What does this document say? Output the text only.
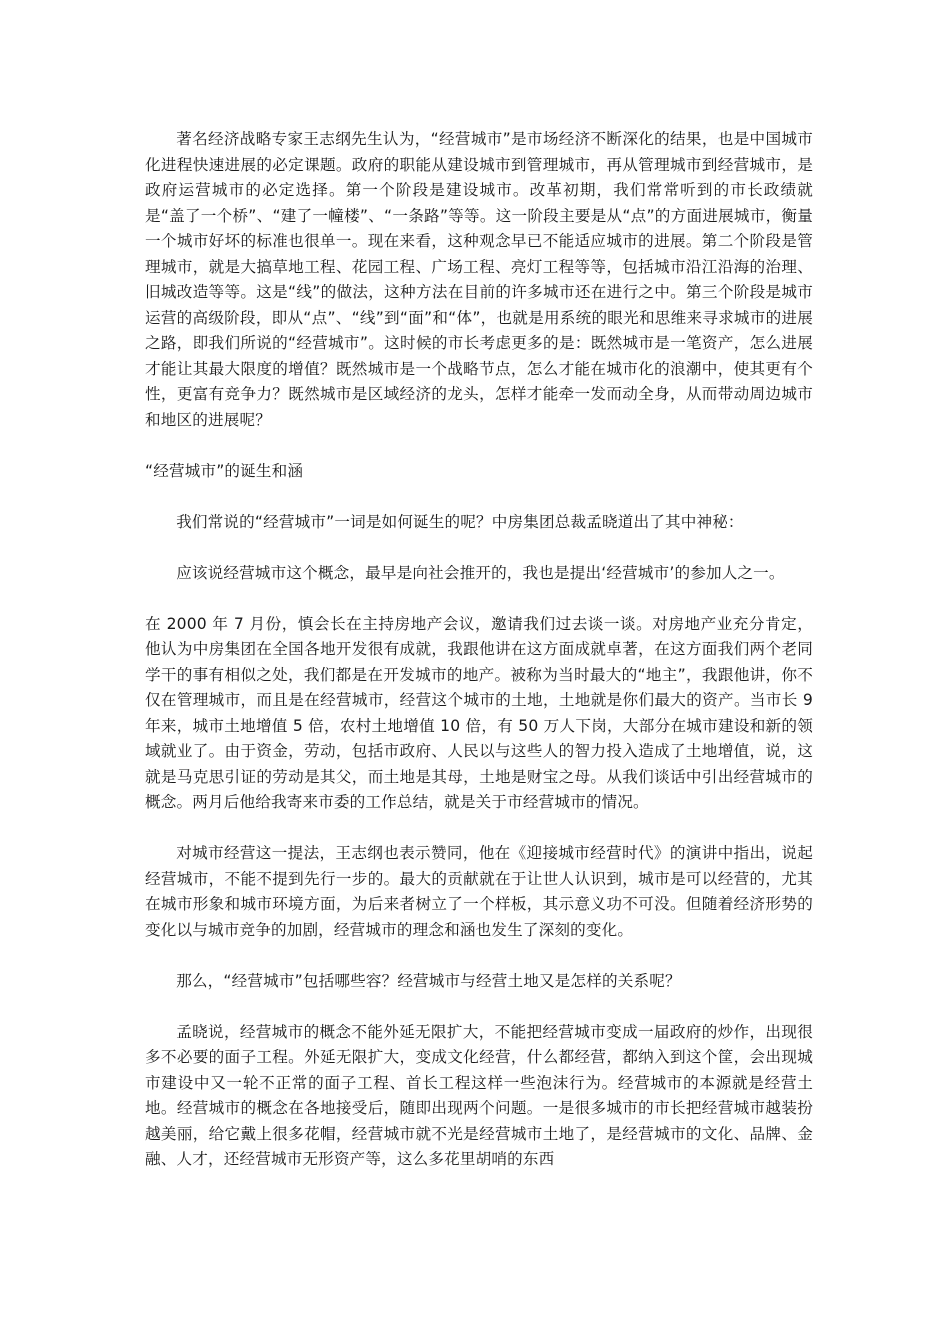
著名经济战略专家王志纲先生认为，“经营城市”是市场经济不断深化的结果，也是中国城市化进程快速进展的必定课题。政府的职能从建设城市到管理城市，再从管理城市到经营城市，是政府运营城市的必定选择。第一个阶段是建设城市。改革初期，我们常常听到的市长政绩就是“盖了一个桥”、“建了一幢楼”、“一条路”等等。这一阶段主要是从“点”的方面进展城市，衡量一个城市好坏的标准也很单一。现在来看，这种观念早已不能适应城市的进展。第二个阶段是管理城市，就是大搞草地工程、花园工程、广场工程、亮灯工程等等，包括城市沿江沿海的治理、旧城改造等等。这是“线”的做法，这种方法在目前的许多城市还在进行之中。第三个阶段是城市运营的高级阶段，即从“点”、“线”到“面”和“体”，也就是用系统的眼光和思维来寻求城市的进展之路，即我们所说的“经营城市”。这时候的市长考虑更多的是：既然城市是一笔资产，怎么进展才能让其最大限度的增值？既然城市是一个战略节点，怎么才能在城市化的浪潮中，使其更有个性，更富有竞争力？既然城市是区域经济的龙头，怎样才能牵一发而动全身，从而带动周边城市和地区的进展呢？

“经营城市”的诞生和涵

我们常说的“经营城市”一词是如何诞生的呢？中房集团总裁孟晓道出了其中神秘：

应该说经营城市这个概念，最早是向社会推开的，我也是提出‘经营城市’的参加人之一。

在 2000 年 7 月份，慎会长在主持房地产会议，邀请我们过去谈一谈。对房地产业充分肯定，他认为中房集团在全国各地开发很有成就，我跟他讲在这方面成就卓著，在这方面我们两个老同学干的事有相似之处，我们都是在开发城市的地产。被称为当时最大的“地主”，我跟他讲，你不仅在管理城市，而且是在经营城市，经营这个城市的土地，土地就是你们最大的资产。当市长 9 年来，城市土地增值 5 倍，农村土地增值 10 倍，有 50 万人下岗，大部分在城市建设和新的领域就业了。由于资金，劳动，包括市政府、人民以与这些人的智力投入造成了土地增值，说，这就是马克思引证的劳动是其父，而土地是其母，土地是财宝之母。从我们谈话中引出经营城市的概念。两月后他给我寄来市委的工作总结，就是关于市经营城市的情况。

对城市经营这一提法，王志纲也表示赞同，他在《迎接城市经营时代》的演讲中指出，说起经营城市，不能不提到先行一步的。最大的贡献就在于让世人认识到，城市是可以经营的，尤其在城市形象和城市环境方面，为后来者树立了一个样板，其示意义功不可没。但随着经济形势的变化以与城市竞争的加剧，经营城市的理念和涵也发生了深刻的变化。

那么，“经营城市”包括哪些容？经营城市与经营土地又是怎样的关系呢？

孟晓说，经营城市的概念不能外延无限扩大，不能把经营城市变成一届政府的炒作，出现很多不必要的面子工程。外延无限扩大，变成文化经营，什么都经营，都纳入到这个筐，会出现城市建设中又一轮不正常的面子工程、首长工程这样一些泡沫行为。经营城市的本源就是经营土地。经营城市的概念在各地接受后，随即出现两个问题。一是很多城市的市长把经营城市越装扮越美丽，给它戴上很多花帽，经营城市就不光是经营城市土地了，是经营城市的文化、品牌、金融、人才，还经营城市无形资产等，这么多花里胡哨的东西
